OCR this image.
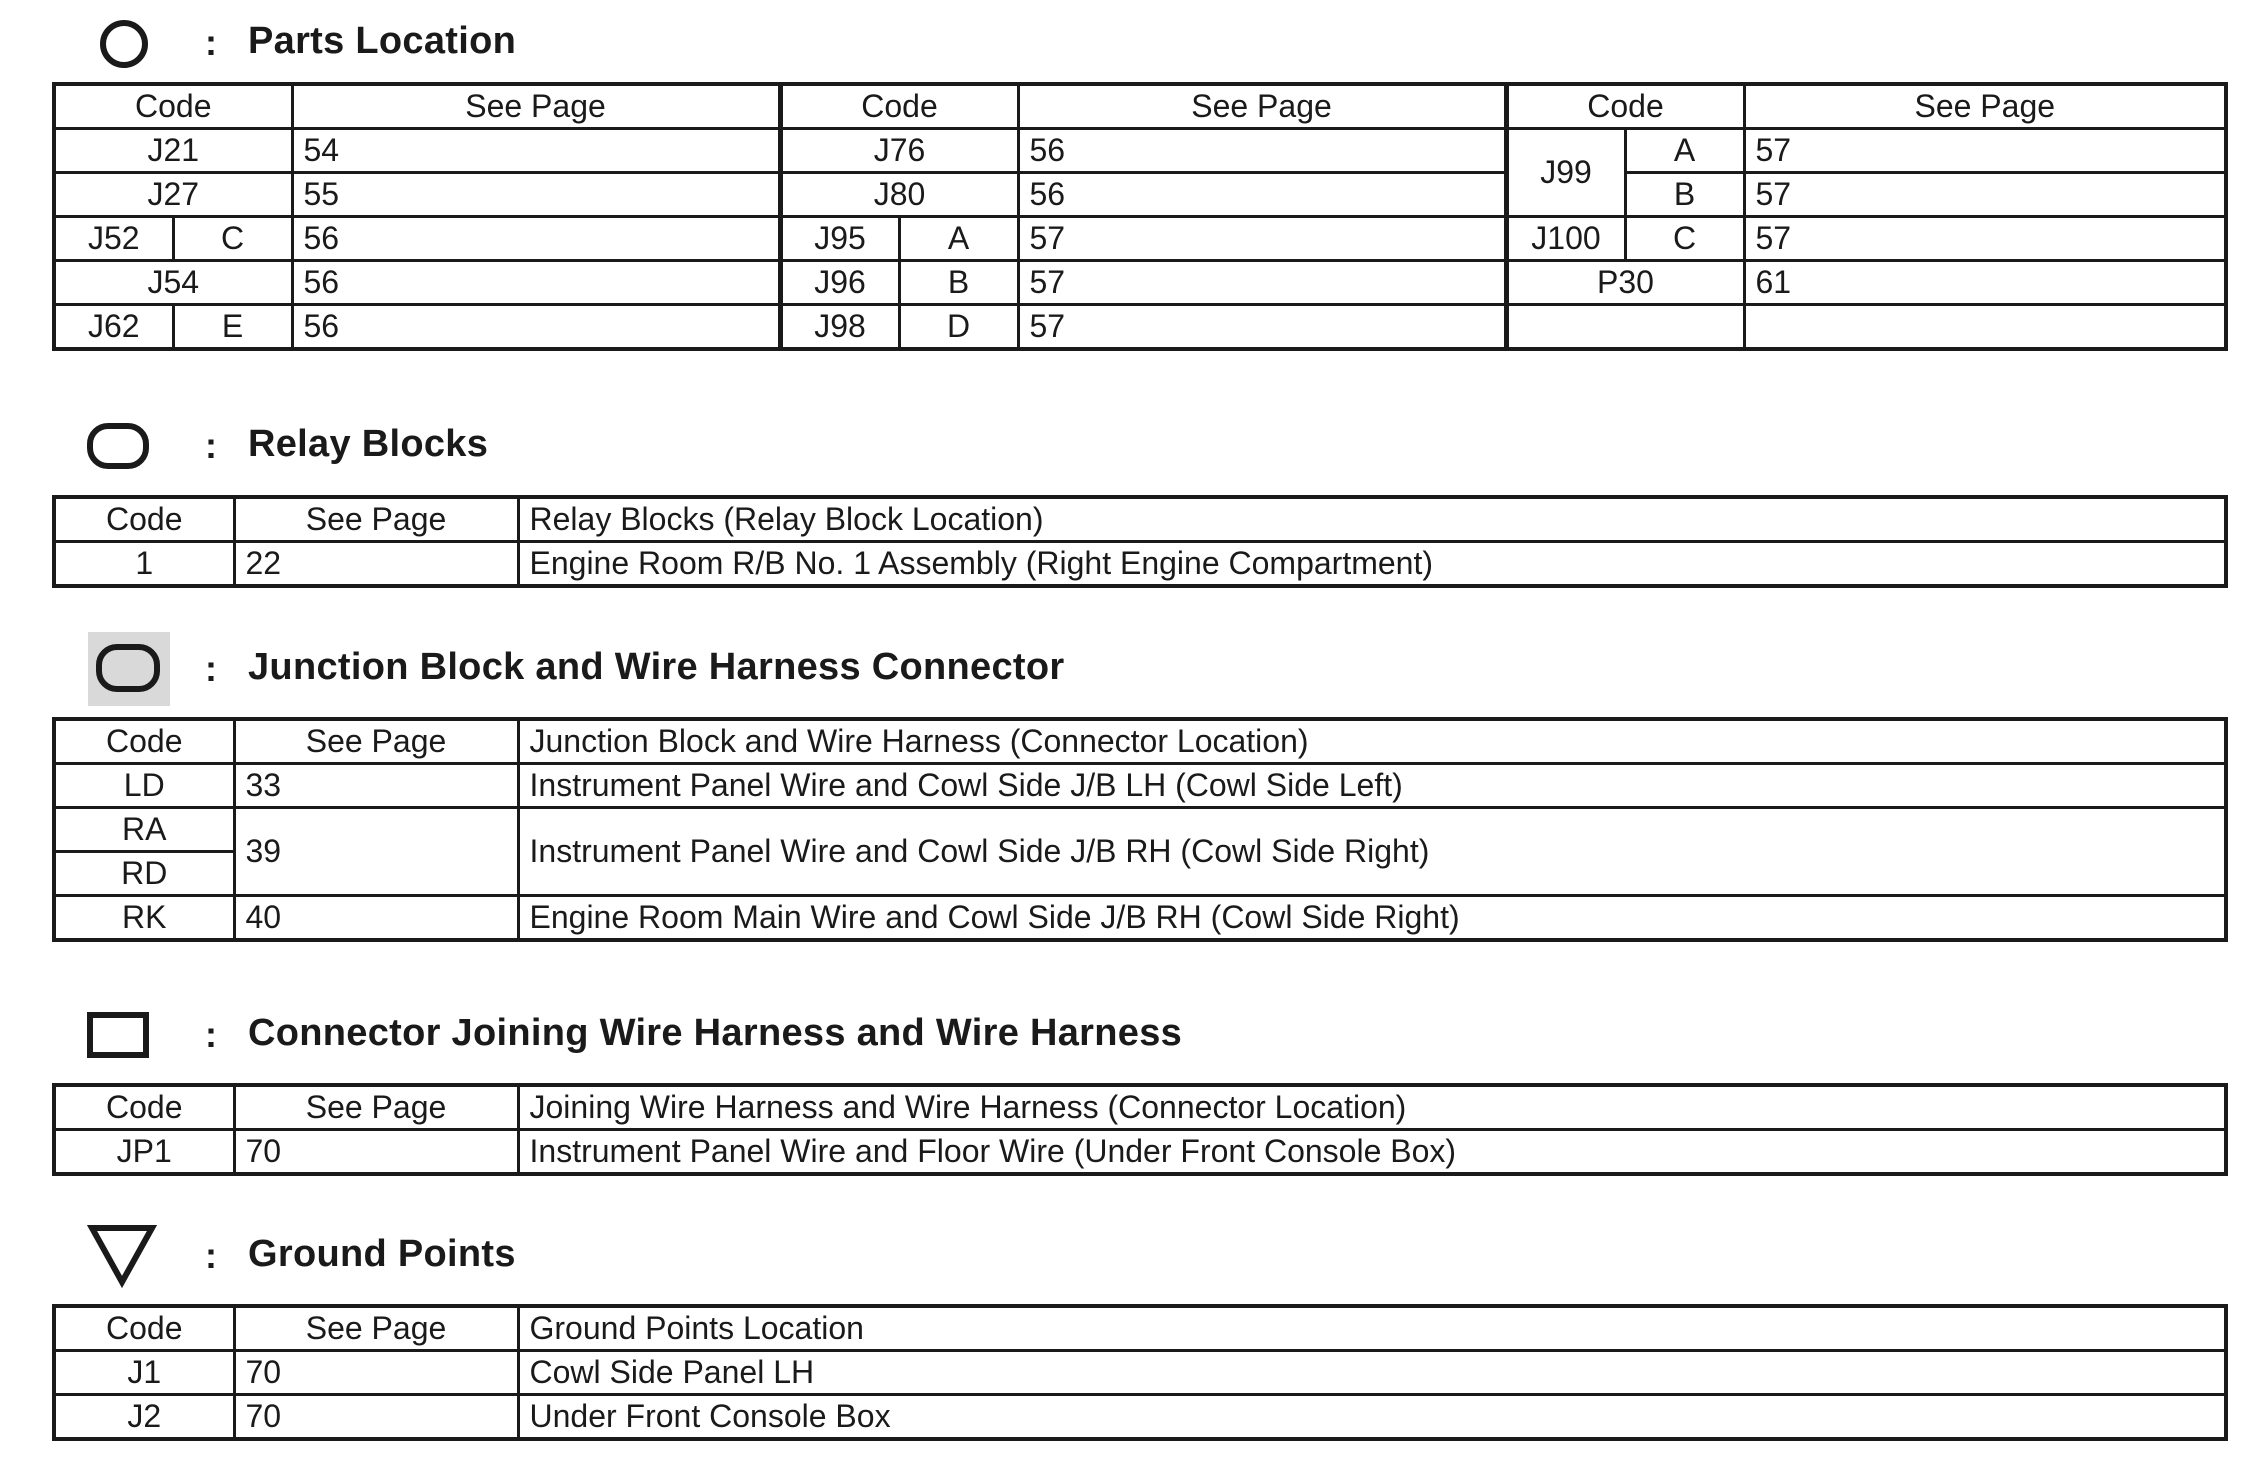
: Parts Location
Code		See Page	Code		See Page	Code		See Page
J21		54	J76		56	J99	A	57
J27		55	J80		56		B	57
J52	C	56	J95	A	57	J100	C	57
J54		56	J96	B	57	P30		61
J62	E	56	J98	D	57			
: Relay Blocks
Code	See Page	Relay Blocks (Relay Block Location)
1	22	Engine Room R/B No. 1 Assembly (Right Engine Compartment)
: Junction Block and Wire Harness Connector
Code	See Page	Junction Block and Wire Harness (Connector Location)
LD	33	Instrument Panel Wire and Cowl Side J/B LH (Cowl Side Left)
RA	39	Instrument Panel Wire and Cowl Side J/B RH (Cowl Side Right)
RD		
RK	40	Engine Room Main Wire and Cowl Side J/B RH (Cowl Side Right)
: Connector Joining Wire Harness and Wire Harness
Code	See Page	Joining Wire Harness and Wire Harness (Connector Location)
JP1	70	Instrument Panel Wire and Floor Wire (Under Front Console Box)
: Ground Points
Code	See Page	Ground Points Location
J1	70	Cowl Side Panel LH
J2	70	Under Front Console Box
